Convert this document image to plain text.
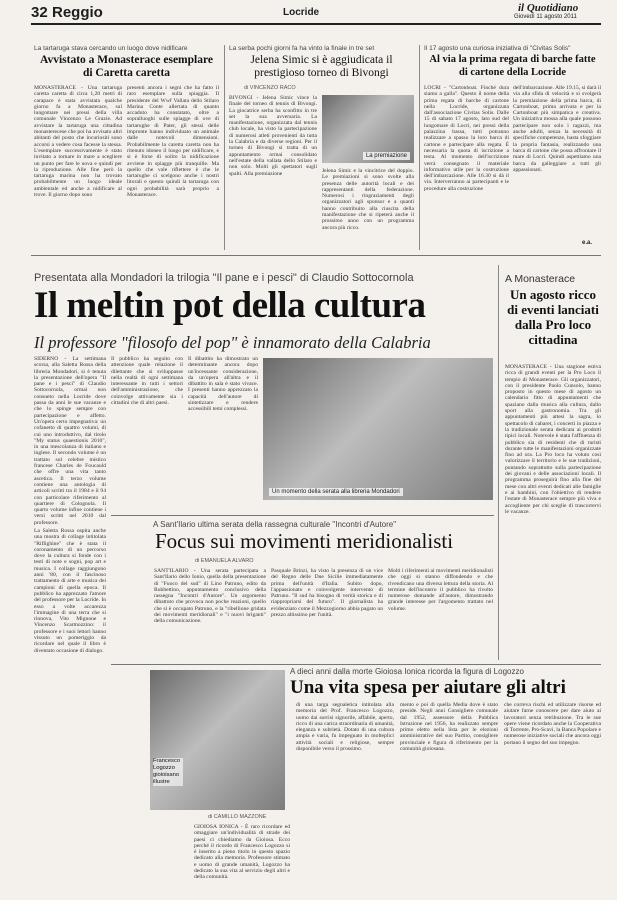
32 Reggio	Locride	il Quotidiano
Giovedì 11 agosto 2011
La tartaruga stava cercando un luogo dove nidificare
Avvistato a Monasterace esemplare di Caretta caretta
MONASTERACE - Una tartaruga caretta caretta di circa 1,20 metri di carapace è stata avvistata qualche giorno fa a Monasterace, sul lungomare nei pressi della villa comunale Vincenzo Le Grazie. Ad avvistare la tartaruga una cittadina monasterecese che poi ha avvisato altri abitanti del posto che incuriositi sono accorsi a vedere cosa facesse la stessa. L'esemplare successivamente è stato invitato a tornare in mare a scegliere un punto per fare le uova e quindi per la riproduzione. Alle fine però la tartaruga marina non ha trovato probabilmente un luogo ideale ambientale ed anche a nidificare al trove. Il giorno dopo sono
presenti ancora i segni che ha fatto il raro esemplare sulla spiaggia. Il presidente del Wwf Vallata dello Stilaro Marina Conte allertata di quanto accaduto ha constatato, oltre a sopralluoghi sulle spiagge di ove di tartarughe di Pater, gli stessi delle impronte hanno individuato un animale dalle notevoli dimensioni. Probabilmente la caretta caretta non ha ritenuto idoneo il luogo per nidificare, e si è forse di solito la nidificazione avviene in spiagge più tranquille. Ma quello che vale riflettere è che le tartarughe ci scelgono anche i nostri litorali e questo quindi la tartaruga con ogni probabilità sarà proprio a Monasterace.
La serba pochi giorni fa ha vinto la finale in tre set
Jelena Simic si è aggiudicata il prestigioso torneo di Bivongi
di VINCENZO RACO
BIVONGI - Jelena Simic vince la finale del torneo di tennis di Bivongi. La giocatrice serba ha sconfitto in tre set la sua avversaria. La manifestazione, organizzata dal tennis club locale, ha visto la partecipazione di numerosi atleti provenienti da tutta la Calabria e da diverse regioni. Per il torneo di Bivongi si tratta di un appuntamento ormai consolidato nell'estate della vallata dello Stilaro e non solo. Molti gli spettatori sugli spalti. Alla premiazione
La premiazione
Jelena Simic e la vincitrice del doppio. Le premiazioni si sono svolte alla presenza delle autorità locali e dei rappresentanti della federazione. Numerosi i ringraziamenti degli organizzatori agli sponsor e a quanti hanno contribuito alla riuscita della manifestazione che si ripeterà anche il prossimo anno con un programma ancora più ricco.
Il 17 agosto una curiosa iniziativa di "Civitas Solis"
Al via la prima regata di barche fatte di cartone della Locride
LOCRI - "Cartonboat. Finché dura siamo a galla". Questo il nome della prima regata di barche di cartone nella Locride, organizzata dall'associazione Civitas Solis. Dalle 15 di sabato 17 agosto, lato sud del lungomare di Locri, nei pressi della palazzina bassa, tutti potranno realizzare a spasso la loro barca di cartone e partecipare alla regata. È necessaria la quota di iscrizione a testa. Al momento dell'iscrizione verrà consegnato il materiale informativo utile per la costruzione dell'imbarcazione. Alle 16.30 si dà il via. Interverranno ai partecipanti e le procedure alla costruzione
dell'imbarcazione. Alle 19.15, si darà il via alla sfida di velocità e si svolgerà la premiazione della prima barca, di Cartonboat, prima arrivata e per la Cartonboat più simpatica e creativa. Un iniziativa mossa alla quale possono partecipare non solo i ragazzi, ma anche adulti, senza la necessità di specifiche competenze, basta sfoggiare la propria fantasia, realizzando una barca di cartone che possa affrontare il mare di Locri. Quindi aspettiamo una barca da galleggiare a tutti gli appassionati.
e.a.
Presentata alla Mondadori la trilogia "Il pane e i pesci" di Claudio Sottocornola
Il meltin pot della cultura
Il professore "filosofo del pop" è innamorato della Calabria
SIDERNO - La settimana scorsa, alla Saletta Rossa della libreria Mondadori, si è tenuta la presentazione dell'opera "Il pane e i pesci" di Claudio Sottocornola, ormai non consueto nella Locride dove passa da anni le sue vacanze e che lo spinge sempre con partecipazione e affetto. Un'opera certo impegnativa: un cofanetto di quattro volumi, di cui uno introduttivo, dal titolo "My status quaestionis 2010", in una mescolanza di italiano e inglese. Il secondo volume è un trattato sul celebre mistico francese Charles de Foucauld che offre una vita tanto ascetica. Il terzo volume contiene una antologia di articoli scritti tra il 1984 e il 94 con particolare riferimento al quartiere di Colognola. Il quarto volume infine contiene i versi scritti nel 2010 dal professore.
La Saletta Rossa ospita anche una mostra di collage intitolata "Riflighine" che è stata il coronamento di un percorso dove la cultura si fonde con i testi di note e sogni, pop art e musica. I collage raggiungono anni '80, con il fascinoso trattamento di arte e musica dei campioni di quella epoca. Il pubblico ha apprezzato l'amore del professore per la Locride. In esso a volte accarezza l'immagine di una terra che si rinnova, Vito Mignone e Vincenzo Scarmozzino: il professore e i suoi lettori hanno vissuto un pomeriggio da ricordare nel quale il libro è diventato occasione di dialogo.
Il pubblico ha seguito con attenzione quale relazione il dilettante che si sviluppasse nella realtà di ogni settimana interessante in tutti i settori dell'amministrazione, che coinvolge attivamente sia i cittadini che di altri paesi.
Il dibattito ha dimostrato un determinante ancora dopo un'incessante considerazione, da un'opera all'altra e il dibattito in sala è stato vivace. I presenti hanno apprezzato la capacità dell'autore di sintetizzare e rendere accessibili temi complessi.
Un momento della serata alla libreria Mondadori
A Monasterace
Un agosto ricco di eventi lanciati dalla Pro loco cittadina
MONASTERACE - Una stagione estiva ricca di grandi eventi per la Pro Loco il tempio di Monasterace. Gli organizzatori, con il presidente Paolo Cunsolo, hanno proposto in questo mese di agosto un calendario fitto di appuntamenti che spaziano dalla musica alla cultura, dallo sport alla gastronomia. Tra gli appuntamenti più attesi la sagra, lo spettacolo di cabaret, i concerti in piazza e la tradizionale serata dedicata ai prodotti tipici locali. Notevole è stata l'affluenza di pubblico sia di residenti che di turisti durante tutte le manifestazioni organizzate fino ad ora. La Pro loco ha voluto così valorizzare il territorio e le sue tradizioni, puntando soprattutto sulla partecipazione dei giovani e delle associazioni locali. Il programma proseguirà fino alla fine del mese con altri eventi dedicati alle famiglie e ai bambini, con l'obiettivo di rendere l'estate di Monasterace sempre più viva e accogliente per chi sceglie di trascorrervi le vacanze.
A Sant'Ilario ultima serata della rassegna culturale "Incontri d'Autore"
Focus sui movimenti meridionalisti
di EMANUELA ALVARO
SANT'ILARIO - Una serata partecipata a Sant'Ilario dello Ionio, quella della presentazione di "Fuoco del sud" di Lino Patruno, edito da Rubbettino, appuntamento conclusivo della rassegna "Incontri d'Autore". Un argomento dibattuto che provoca non poche reazioni, quello che si è occupato Patruno, e la "ribellione gridata dei movimenti meridionali" e "i nuovi briganti" della comunicazione.
Pasquale Brinzi, ha visto la presenza di un vice del Regno delle Due Sicilie immediatamente prima dell'unità d'Italia. Subito dopo, l'appassionato e coinvolgente intervento di Patruno. "Il sud ha bisogno di verità storica e di riappropriarsi del futuro". Il giornalista ha evidenziato come il Mezzogiorno abbia pagato un prezzo altissimo per l'unità.
Molti i riferimenti ai movimenti meridionalisti che oggi si stanno diffondendo e che rivendicano una diversa lettura della storia. Al termine dell'incontro il pubblico ha rivolto numerose domande all'autore, dimostrando grande interesse per l'argomento trattato nel volume.
A dieci anni dalla morte Gioiosa Ionica ricorda la figura di Logozzo
Una vita spesa per aiutare gli altri
Francesco Logozzo gioioisano illustre
di CAMILLO MAZZONE
GIOIOSA IONICA - È raro ricordare ed omaggiare un'individualità di strade dei paesi ci chiediamo da Gioiosa. Ecco perché il ricordo di Francesco Logozzo si è inserito a pieno titolo in questo spazio dedicato alla memoria. Professore stimato e uomo di grande umanità, Logozzo ha dedicato la sua vita al servizio degli altri e della comunità.
di una targa segnaletica intitolata alla memoria del Prof. Francesco Logozzo, uomo dai sorrisi signorile, affabile, aperto, ricco di una carica straordinaria di umanità, eleganza e sobrietà. Dotato di una cultura ampia e varia, fu impegnato in molteplici attività sociali e religiose, sempre disponibile verso il prossimo.
mento e poi di quella Media dove è stato preside. Negli anni Consigliere comunale dal 1952, assessore della Pubblica Istruzione nel 1956, ha realizzato sempre primo eletto nella lista per le elezioni amministrative del suo Partito, consigliere provinciale e figura di riferimento per la comunità gioiosana.
che correva rischi ed utilizzare risorse ed aiutare farne conoscere per dare aiuto ai lavoratori senza retribuzione. Tra le sue opere viene ricordato anche la Cooperativa di Torrente, Pro-Scavi, la Banca Popolare e numerose iniziative sociali che ancora oggi portano il segno del suo impegno.
